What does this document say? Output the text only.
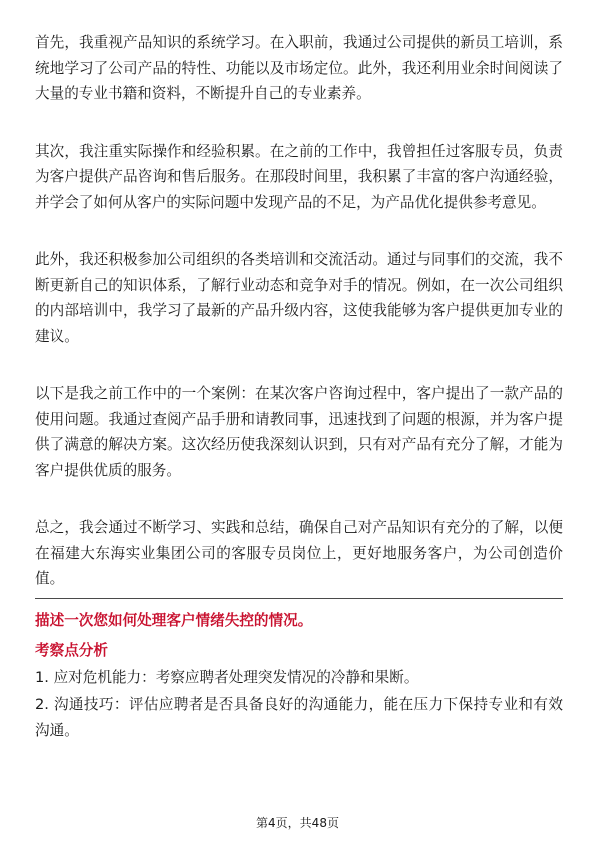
首先，我重视产品知识的系统学习。在入职前，我通过公司提供的新员工培训，系统地学习了公司产品的特性、功能以及市场定位。此外，我还利用业余时间阅读了大量的专业书籍和资料，不断提升自己的专业素养。

其次，我注重实际操作和经验积累。在之前的工作中，我曾担任过客服专员，负责为客户提供产品咨询和售后服务。在那段时间里，我积累了丰富的客户沟通经验，并学会了如何从客户的实际问题中发现产品的不足，为产品优化提供参考意见。

此外，我还积极参加公司组织的各类培训和交流活动。通过与同事们的交流，我不断更新自己的知识体系，了解行业动态和竞争对手的情况。例如，在一次公司组织的内部培训中，我学习了最新的产品升级内容，这使我能够为客户提供更加专业的建议。

以下是我之前工作中的一个案例：在某次客户咨询过程中，客户提出了一款产品的使用问题。我通过查阅产品手册和请教同事，迅速找到了问题的根源，并为客户提供了满意的解决方案。这次经历使我深刻认识到，只有对产品有充分了解，才能为客户提供优质的服务。

总之，我会通过不断学习、实践和总结，确保自己对产品知识有充分的了解，以便在福建大东海实业集团公司的客服专员岗位上，更好地服务客户，为公司创造价值。

描述一次您如何处理客户情绪失控的情况。
考察点分析
1. 应对危机能力：考察应聘者处理突发情况的冷静和果断。
2. 沟通技巧：评估应聘者是否具备良好的沟通能力，能在压力下保持专业和有效沟通。
第4页，共48页
